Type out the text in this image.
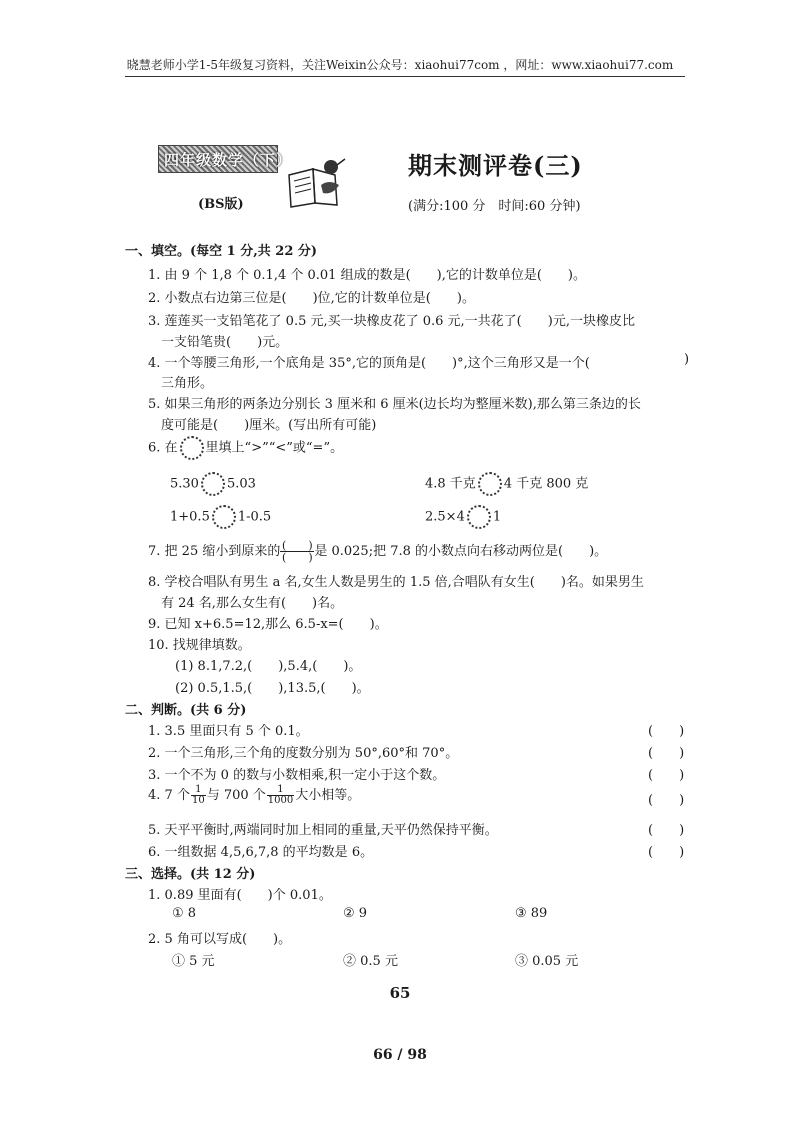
晓慧老师小学1-5年级复习资料，关注Weixin公众号：xiaohui77com ，网址：www.xiaohui77.com
四年级数学（下）	期末测评卷(三)
(BS版)	(满分:100 分　时间:60 分钟)
一、填空。(每空 1 分,共 22 分)
1. 由 9 个 1,8 个 0.1,4 个 0.01 组成的数是(　　),它的计数单位是(　　)。
2. 小数点右边第三位是(　　)位,它的计数单位是(　　)。
3. 莲莲买一支铅笔花了 0.5 元,买一块橡皮花了 0.6 元,一共花了(　　)元,一块橡皮比
一支铅笔贵(　　)元。
4. 一个等腰三角形,一个底角是 35°,它的顶角是(　　)°,这个三角形又是一个(	)
三角形。
5. 如果三角形的两条边分别长 3 厘米和 6 厘米(边长均为整厘米数),那么第三条边的长
度可能是(　　)厘米。(写出所有可能)
6. 在 里填上“>”“<”或“=”。
5.30 5.03	4.8 千克 4 千克 800 克
1+0.5 1-0.5	2.5×4 1
7. 把 25 缩小到原来的 $\frac{( )}{( )}$是 0.025;把 7.8 的小数点向右移动两位是(　　)。
8. 学校合唱队有男生 a 名,女生人数是男生的 1.5 倍,合唱队有女生(　　)名。如果男生
有 24 名,那么女生有(　　)名。
9. 已知 x+6.5=12,那么 6.5-x=(　　)。
10. 找规律填数。
(1) 8.1,7.2,(　　),5.4,(　　)。
(2) 0.5,1.5,(　　),13.5,(　　)。
二、判断。(共 6 分)
1. 3.5 里面只有 5 个 0.1。	(　　)
2. 一个三角形,三个角的度数分别为 50°,60°和 70°。	(　　)
3. 一个不为 0 的数与小数相乘,积一定小于这个数。	(　　)
4. 7 个 $\frac{1}{10}$ 与 700 个 $\frac{1}{1000}$ 大小相等。	(　　)
5. 天平平衡时,两端同时加上相同的重量,天平仍然保持平衡。	(　　)
6. 一组数据 4,5,6,7,8 的平均数是 6。	(　　)
三、选择。(共 12 分)
1. 0.89 里面有(　　)个 0.01。
① 8	② 9	③ 89
2. 5 角可以写成(　　)。
① 5 元	② 0.5 元	③ 0.05 元
65
66 / 98
